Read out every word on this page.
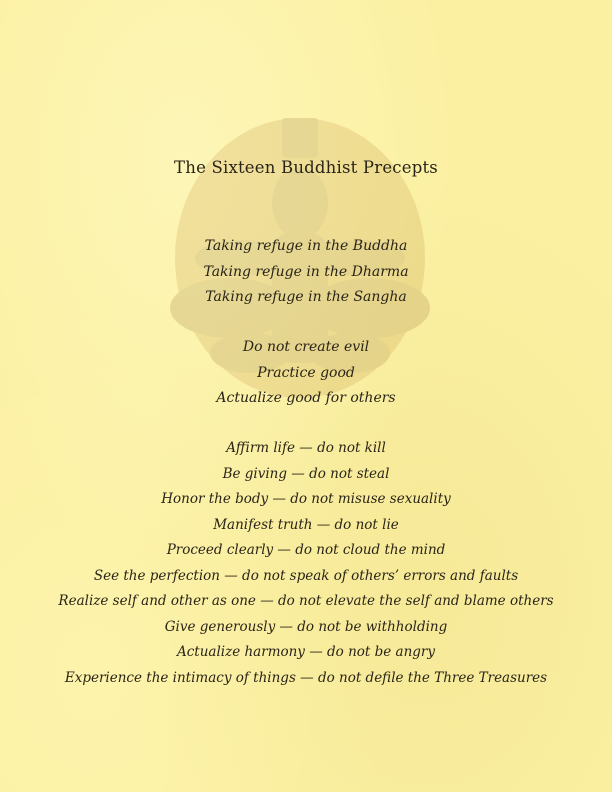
The Sixteen Buddhist Precepts
Taking refuge in the Buddha
Taking refuge in the Dharma
Taking refuge in the Sangha
Do not create evil
Practice good
Actualize good for others
Affirm life — do not kill
Be giving — do not steal
Honor the body — do not misuse sexuality
Manifest truth — do not lie
Proceed clearly — do not cloud the mind
See the perfection — do not speak of others’ errors and faults
Realize self and other as one — do not elevate the self and blame others
Give generously — do not be withholding
Actualize harmony — do not be angry
Experience the intimacy of things — do not defile the Three Treasures
